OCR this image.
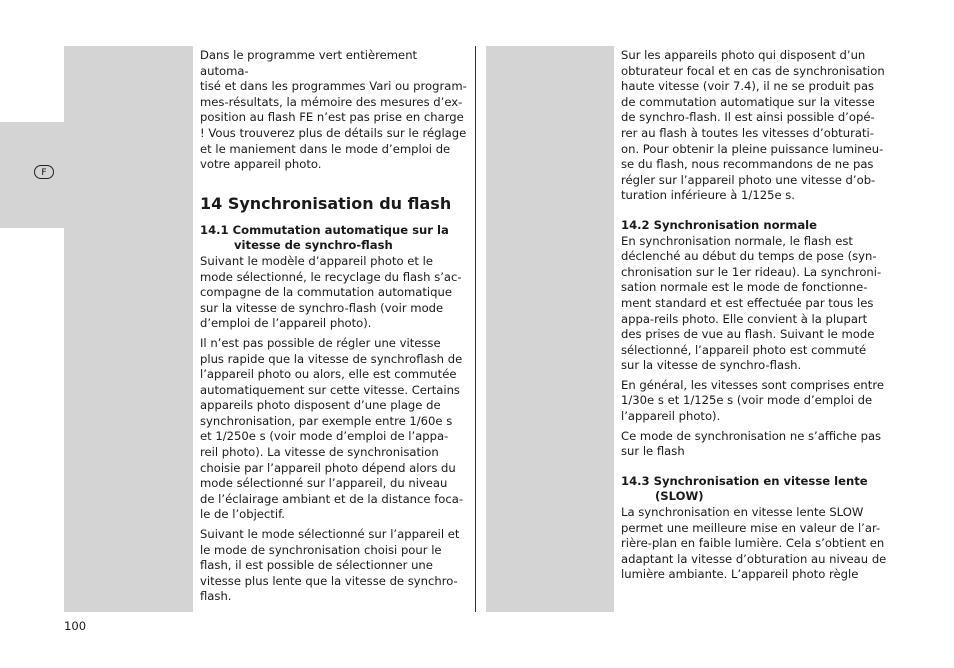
F

Dans le programme vert entièrement automa-
tisé et dans les programmes Vari ou program-
mes-résultats, la mémoire des mesures d’ex-
position au flash FE n’est pas prise en charge
! Vous trouverez plus de détails sur le réglage
et le maniement dans le mode d’emploi de
votre appareil photo.

14 Synchronisation du flash
14.1 Commutation automatique sur la
vitesse de synchro-flash

Suivant le modèle d’appareil photo et le
mode sélectionné, le recyclage du flash s’ac-
compagne de la commutation automatique
sur la vitesse de synchro-flash (voir mode
d’emploi de l’appareil photo).

Il n’est pas possible de régler une vitesse
plus rapide que la vitesse de synchroflash de
l’appareil photo ou alors, elle est commutée
automatiquement sur cette vitesse. Certains
appareils photo disposent d’une plage de
synchronisation, par exemple entre 1/60e s
et 1/250e s (voir mode d’emploi de l’appa-
reil photo). La vitesse de synchronisation
choisie par l’appareil photo dépend alors du
mode sélectionné sur l’appareil, du niveau
de l’éclairage ambiant et de la distance foca-
le de l’objectif.

Suivant le mode sélectionné sur l’appareil et
le mode de synchronisation choisi pour le
flash, il est possible de sélectionner une
vitesse plus lente que la vitesse de synchro-
flash.

Sur les appareils photo qui disposent d’un
obturateur focal et en cas de synchronisation
haute vitesse (voir 7.4), il ne se produit pas
de commutation automatique sur la vitesse
de synchro-flash. Il est ainsi possible d’opé-
rer au flash à toutes les vitesses d’obturati-
on. Pour obtenir la pleine puissance lumineu-
se du flash, nous recommandons de ne pas
régler sur l’appareil photo une vitesse d’ob-
turation inférieure à 1/125e s.

14.2 Synchronisation normale

En synchronisation normale, le flash est
déclenché au début du temps de pose (syn-
chronisation sur le 1er rideau). La synchroni-
sation normale est le mode de fonctionne-
ment standard et est effectuée par tous les
appa-reils photo. Elle convient à la plupart
des prises de vue au flash. Suivant le mode
sélectionné, l’appareil photo est commuté
sur la vitesse de synchro-flash.

En général, les vitesses sont comprises entre
1/30e s et 1/125e s (voir mode d’emploi de
l’appareil photo).

Ce mode de synchronisation ne s’affiche pas
sur le flash

14.3 Synchronisation en vitesse lente
(SLOW)

La synchronisation en vitesse lente SLOW
permet une meilleure mise en valeur de l’ar-
rière-plan en faible lumière. Cela s’obtient en
adaptant la vitesse d’obturation au niveau de
lumière ambiante. L’appareil photo règle

100
